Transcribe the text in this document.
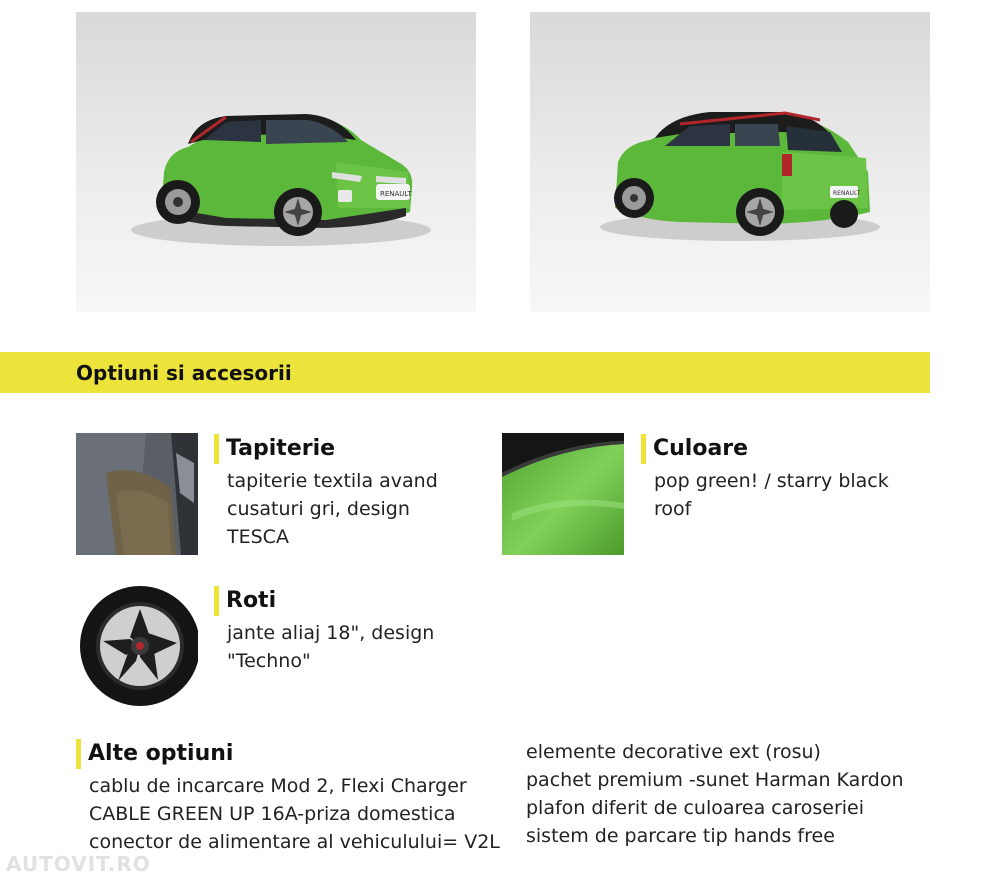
RENAULT	RENAULT
Optiuni si accesorii
Tapiterie
tapiterie textila avand
cusaturi gri, design
TESCA
Culoare
pop green! / starry black
roof
Roti
jante aliaj 18", design
"Techno"
Alte optiuni
cablu de incarcare Mod 2, Flexi Charger
CABLE GREEN UP 16A-priza domestica
conector de alimentare al vehiculului= V2L
elemente decorative ext (rosu)
pachet premium -sunet Harman Kardon
plafon diferit de culoarea caroseriei
sistem de parcare tip hands free
AUTOVIT.RO
